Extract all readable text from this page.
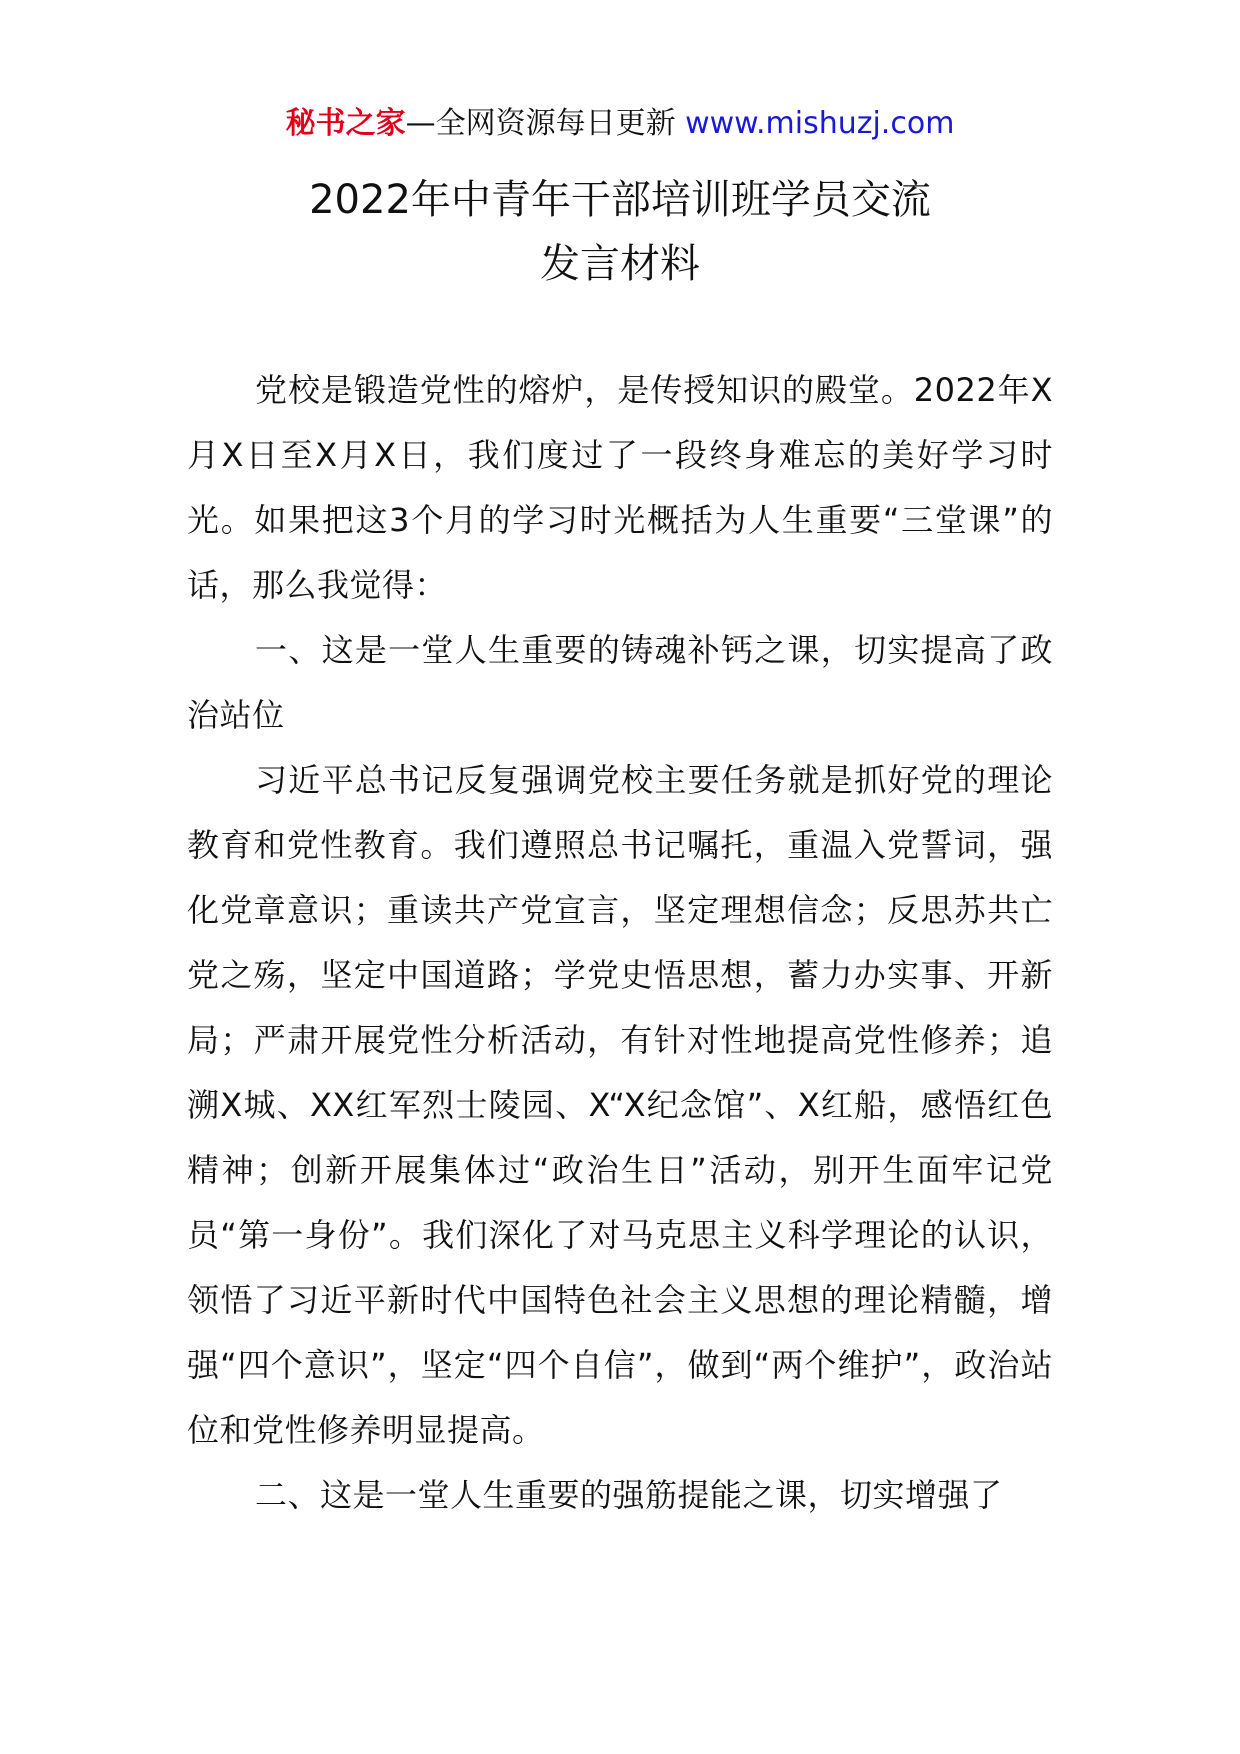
秘书之家—全网资源每日更新 www.mishuzj.com
2022年中青年干部培训班学员交流
发言材料

党校是锻造党性的熔炉，是传授知识的殿堂。2022年X月X日至X月X日，我们度过了一段终身难忘的美好学习时光。如果把这3个月的学习时光概括为人生重要“三堂课”的话，那么我觉得：

一、这是一堂人生重要的铸魂补钙之课，切实提高了政治站位

习近平总书记反复强调党校主要任务就是抓好党的理论教育和党性教育。我们遵照总书记嘱托，重温入党誓词，强化党章意识；重读共产党宣言，坚定理想信念；反思苏共亡党之殇，坚定中国道路；学党史悟思想，蓄力办实事、开新局；严肃开展党性分析活动，有针对性地提高党性修养；追溯X城、XX红军烈士陵园、X“X纪念馆”、X红船，感悟红色精神；创新开展集体过“政治生日”活动，别开生面牢记党员“第一身份”。我们深化了对马克思主义科学理论的认识，领悟了习近平新时代中国特色社会主义思想的理论精髓，增强“四个意识”，坚定“四个自信”，做到“两个维护”，政治站位和党性修养明显提高。

二、这是一堂人生重要的强筋提能之课，切实增强了
